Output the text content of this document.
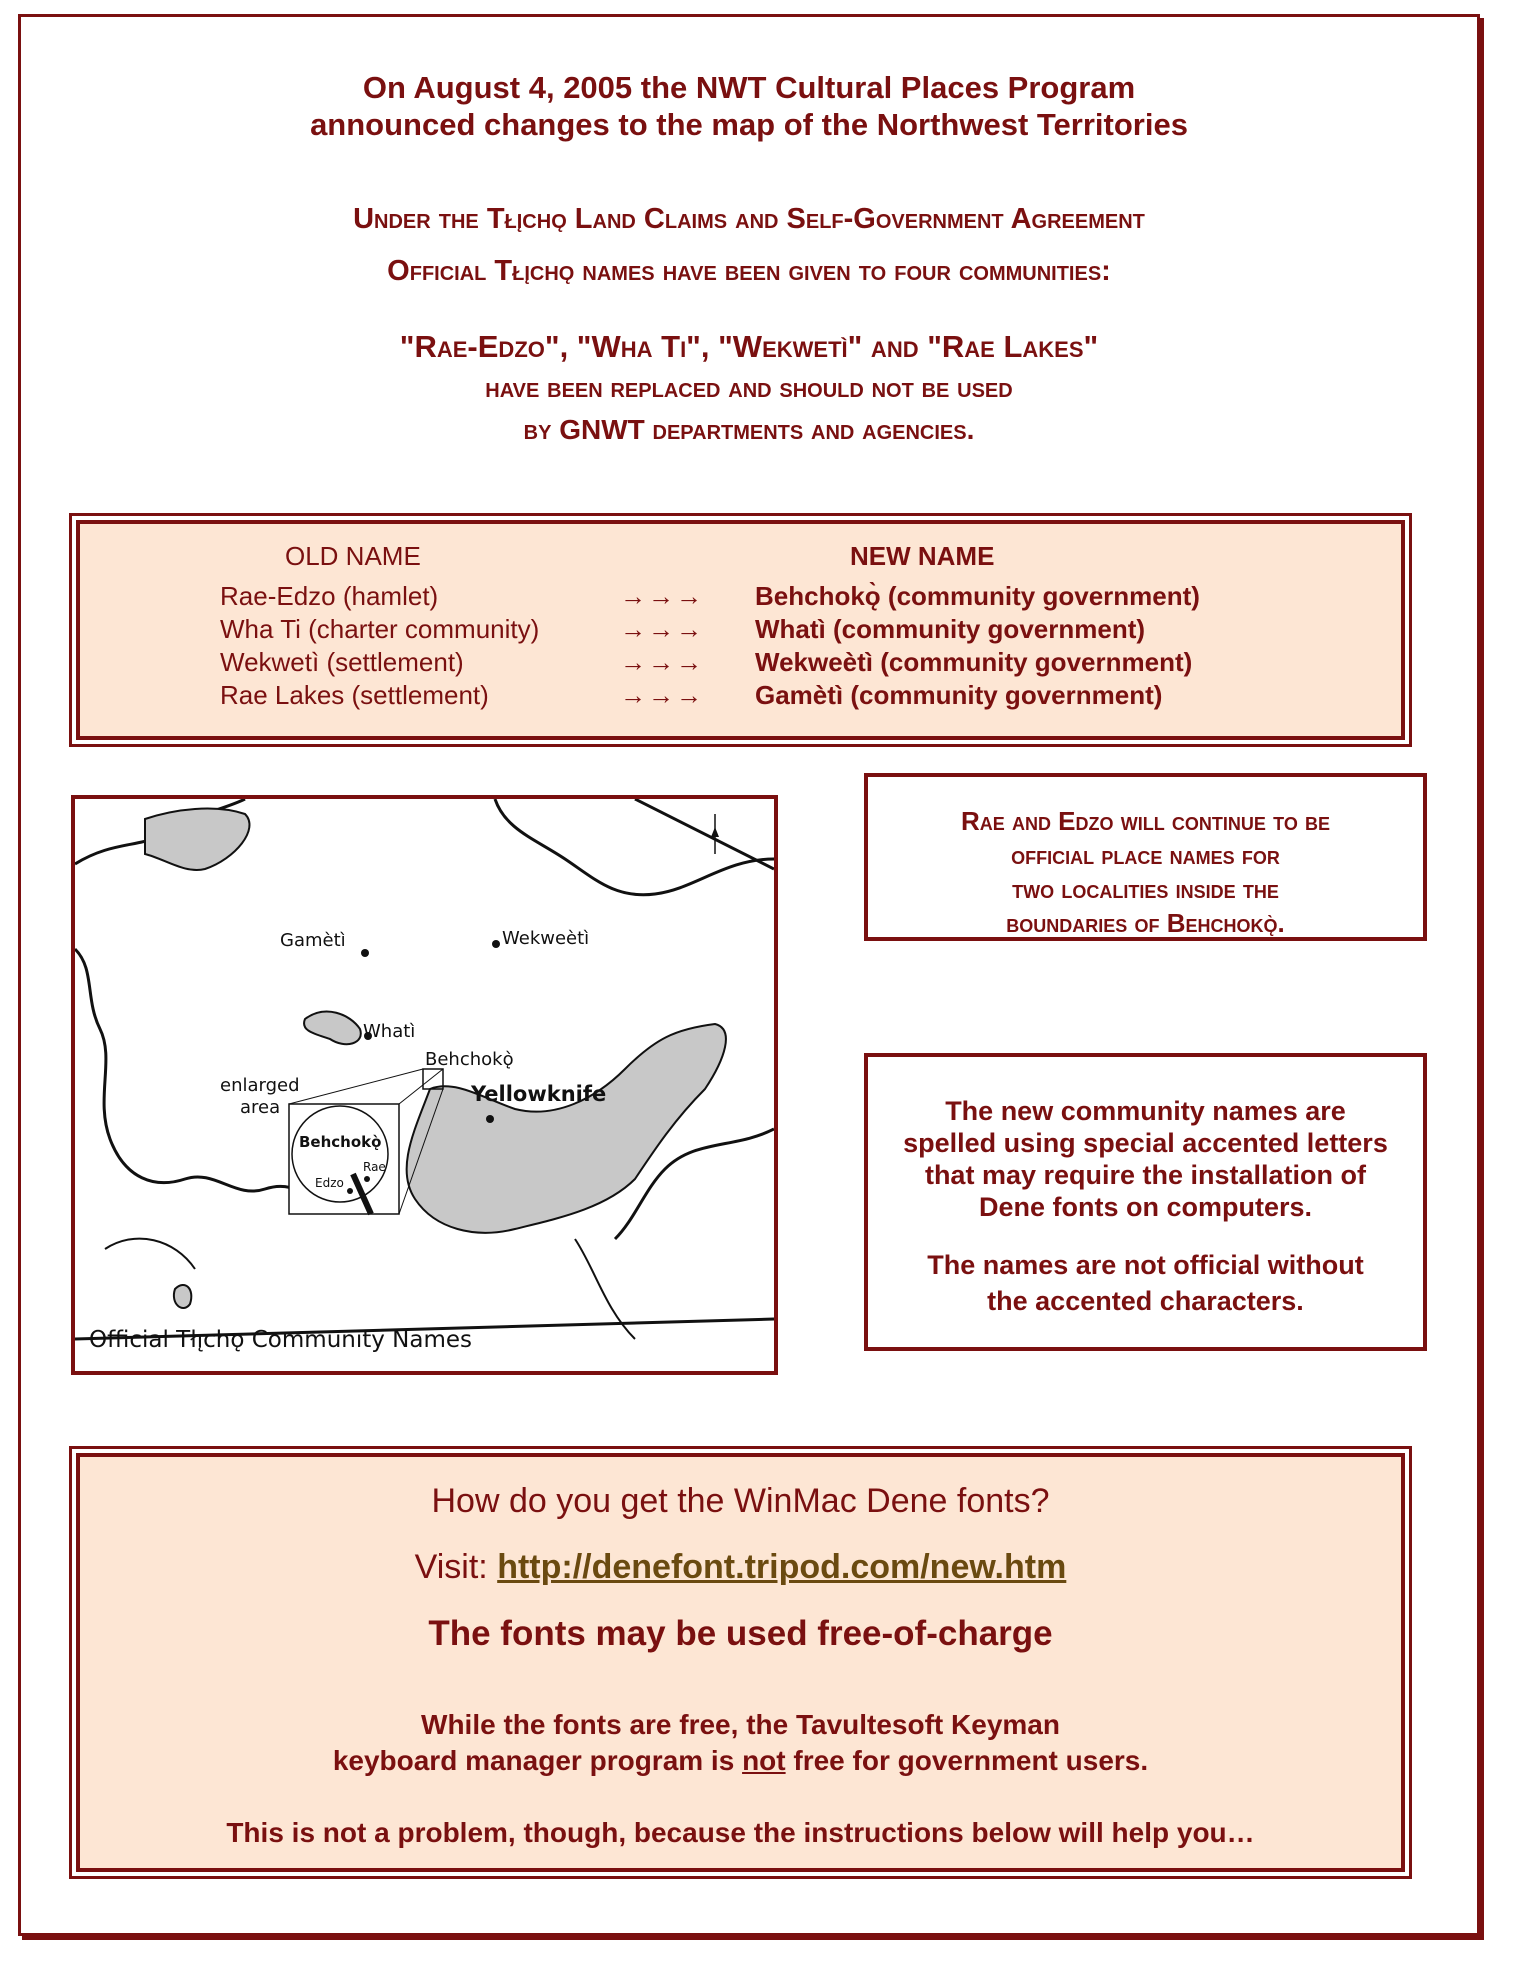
On August 4, 2005 the NWT Cultural Places Program
announced changes to the map of the Northwest Territories
Under the Tłı̨chǫ Land Claims and Self-Government Agreement
Official Tłı̨chǫ names have been given to four communities:
"Rae-Edzo", "Wha Ti", "Wekwetì" and "Rae Lakes"
have been replaced and should not be used
by GNWT departments and agencies.
OLD NAME	NEW NAME
Rae-Edzo (hamlet)	→→→ Behchokǫ̀ (community government)
Wha Ti (charter community)	→→→ Whatì (community government)
Wekwetì (settlement)	→→→ Wekweètì (community government)
Rae Lakes (settlement)	→→→ Gamètì (community government)
Gamètì	Wekweètì
Whatì
Behchokǫ̀
Yellowknife
enlarged
area
Behchokǫ̀
Rae
Edzo
Official Tłı̨chǫ Community Names
Rae and Edzo will continue to be
official place names for
two localities inside the
boundaries of Behchokǫ̀.
The new community names are
spelled using special accented letters
that may require the installation of
Dene fonts on computers.
The names are not official without
the accented characters.
How do you get the WinMac Dene fonts?
Visit: http://denefont.tripod.com/new.htm
The fonts may be used free-of-charge
While the fonts are free, the Tavultesoft Keyman
keyboard manager program is not free for government users.
This is not a problem, though, because the instructions below will help you…
